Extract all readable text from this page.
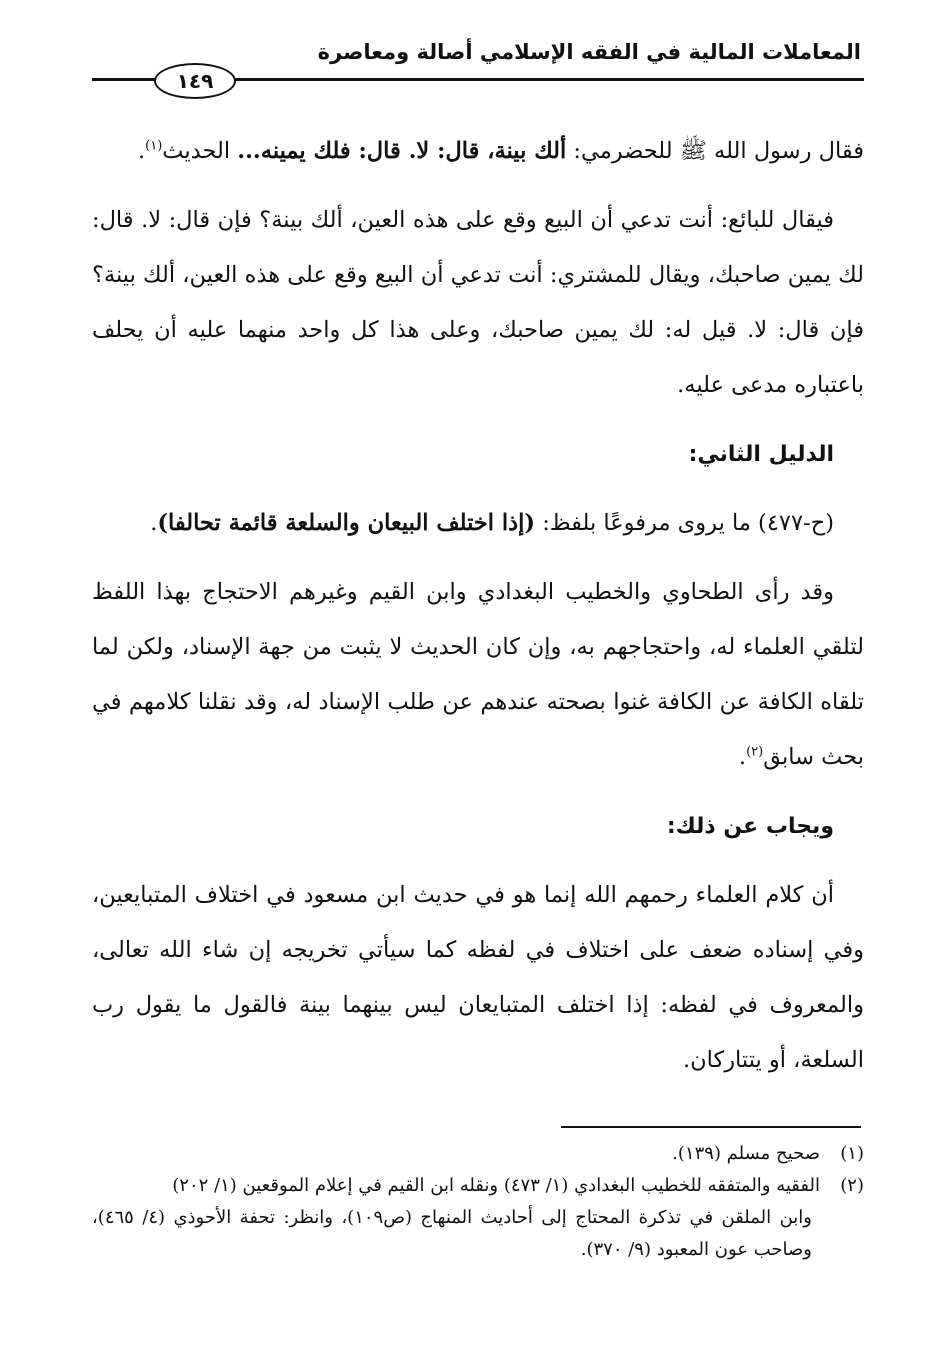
المعاملات المالية في الفقه الإسلامي أصالة ومعاصرة
١٤٩

فقال رسول الله ﷺ للحضرمي: ألك بينة، قال: لا. قال: فلك يمينه... الحديث$^{(١)}$.

فيقال للبائع: أنت تدعي أن البيع وقع على هذه العين، ألك بينة؟ فإن قال: لا. قال: لك يمين صاحبك، ويقال للمشتري: أنت تدعي أن البيع وقع على هذه العين، ألك بينة؟ فإن قال: لا. قيل له: لك يمين صاحبك، وعلى هذا كل واحد منهما عليه أن يحلف باعتباره مدعى عليه.

الدليل الثاني:

(ح-٤٧٧) ما يروى مرفوعًا بلفظ: (إذا اختلف البيعان والسلعة قائمة تحالفا).

وقد رأى الطحاوي والخطيب البغدادي وابن القيم وغيرهم الاحتجاج بهذا اللفظ لتلقي العلماء له، واحتجاجهم به، وإن كان الحديث لا يثبت من جهة الإسناد، ولكن لما تلقاه الكافة عن الكافة غنوا بصحته عندهم عن طلب الإسناد له، وقد نقلنا كلامهم في بحث سابق$^{(٢)}$.

ويجاب عن ذلك:

أن كلام العلماء رحمهم الله إنما هو في حديث ابن مسعود في اختلاف المتبايعين، وفي إسناده ضعف على اختلاف في لفظه كما سيأتي تخريجه إن شاء الله تعالى، والمعروف في لفظه: إذا اختلف المتبايعان ليس بينهما بينة فالقول ما يقول رب السلعة، أو يتتاركان.

(١)صحيح مسلم (١٣٩).

(٢)الفقيه والمتفقه للخطيب البغدادي (١/ ٤٧٣) ونقله ابن القيم في إعلام الموقعين (١/ ٢٠٢)

وابن الملقن في تذكرة المحتاج إلى أحاديث المنهاج (ص١٠٩)، وانظر: تحفة الأحوذي (٤/ ٤٦٥)، وصاحب عون المعبود (٩/ ٣٧٠).
